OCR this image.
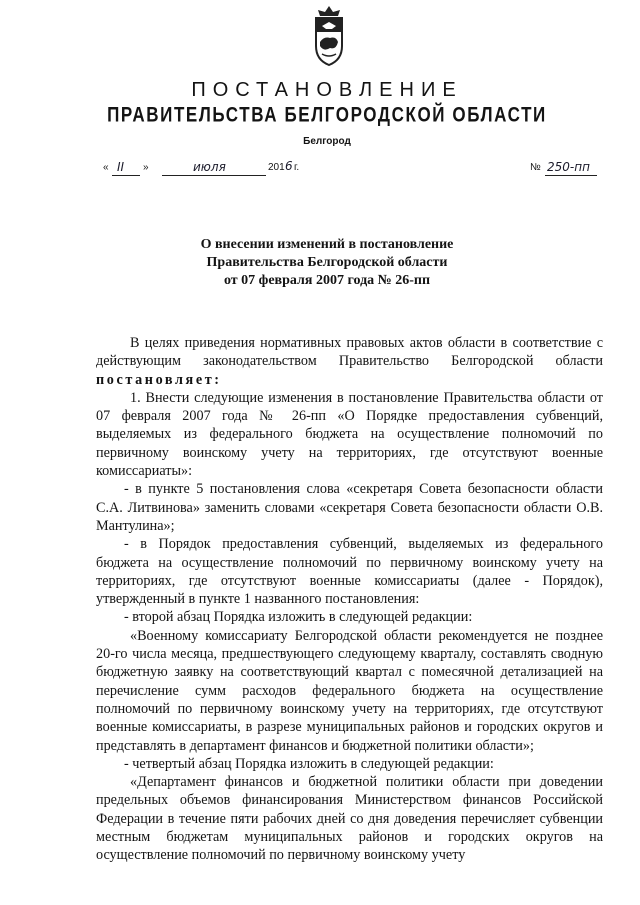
ПОСТАНОВЛЕНИЕ
ПРАВИТЕЛЬСТВА БЕЛГОРОДСКОЙ ОБЛАСТИ
Белгород
« II »	июля	201 6 г.	№ 250-пп
О внесении изменений в постановление
Правительства Белгородской области
от 07 февраля 2007 года № 26-пп

В целях приведения нормативных правовых актов области в соответствие с действующим законодательством Правительство Белгородской области постановляет:

1. Внести следующие изменения в постановление Правительства области от 07 февраля 2007 года № 26-пп «О Порядке предоставления субвенций, выделяемых из федерального бюджета на осуществление полномочий по первичному воинскому учету на территориях, где отсутствуют военные комиссариаты»:

- в пункте 5 постановления слова «секретаря Совета безопасности области С.А. Литвинова» заменить словами «секретаря Совета безопасности области О.В. Мантулина»;

- в Порядок предоставления субвенций, выделяемых из федерального бюджета на осуществление полномочий по первичному воинскому учету на территориях, где отсутствуют военные комиссариаты (далее - Порядок), утвержденный в пункте 1 названного постановления:

- второй абзац Порядка изложить в следующей редакции:

«Военному комиссариату Белгородской области рекомендуется не позднее 20-го числа месяца, предшествующего следующему кварталу, составлять сводную бюджетную заявку на соответствующий квартал с помесячной детализацией на перечисление сумм расходов федерального бюджета на осуществление полномочий по первичному воинскому учету на территориях, где отсутствуют военные комиссариаты, в разрезе муниципальных районов и городских округов и представлять в департамент финансов и бюджетной политики области»;

- четвертый абзац Порядка изложить в следующей редакции:

«Департамент финансов и бюджетной политики области при доведении предельных объемов финансирования Министерством финансов Российской Федерации в течение пяти рабочих дней со дня доведения перечисляет субвенции местным бюджетам муниципальных районов и городских округов на осуществление полномочий по первичному воинскому учету
